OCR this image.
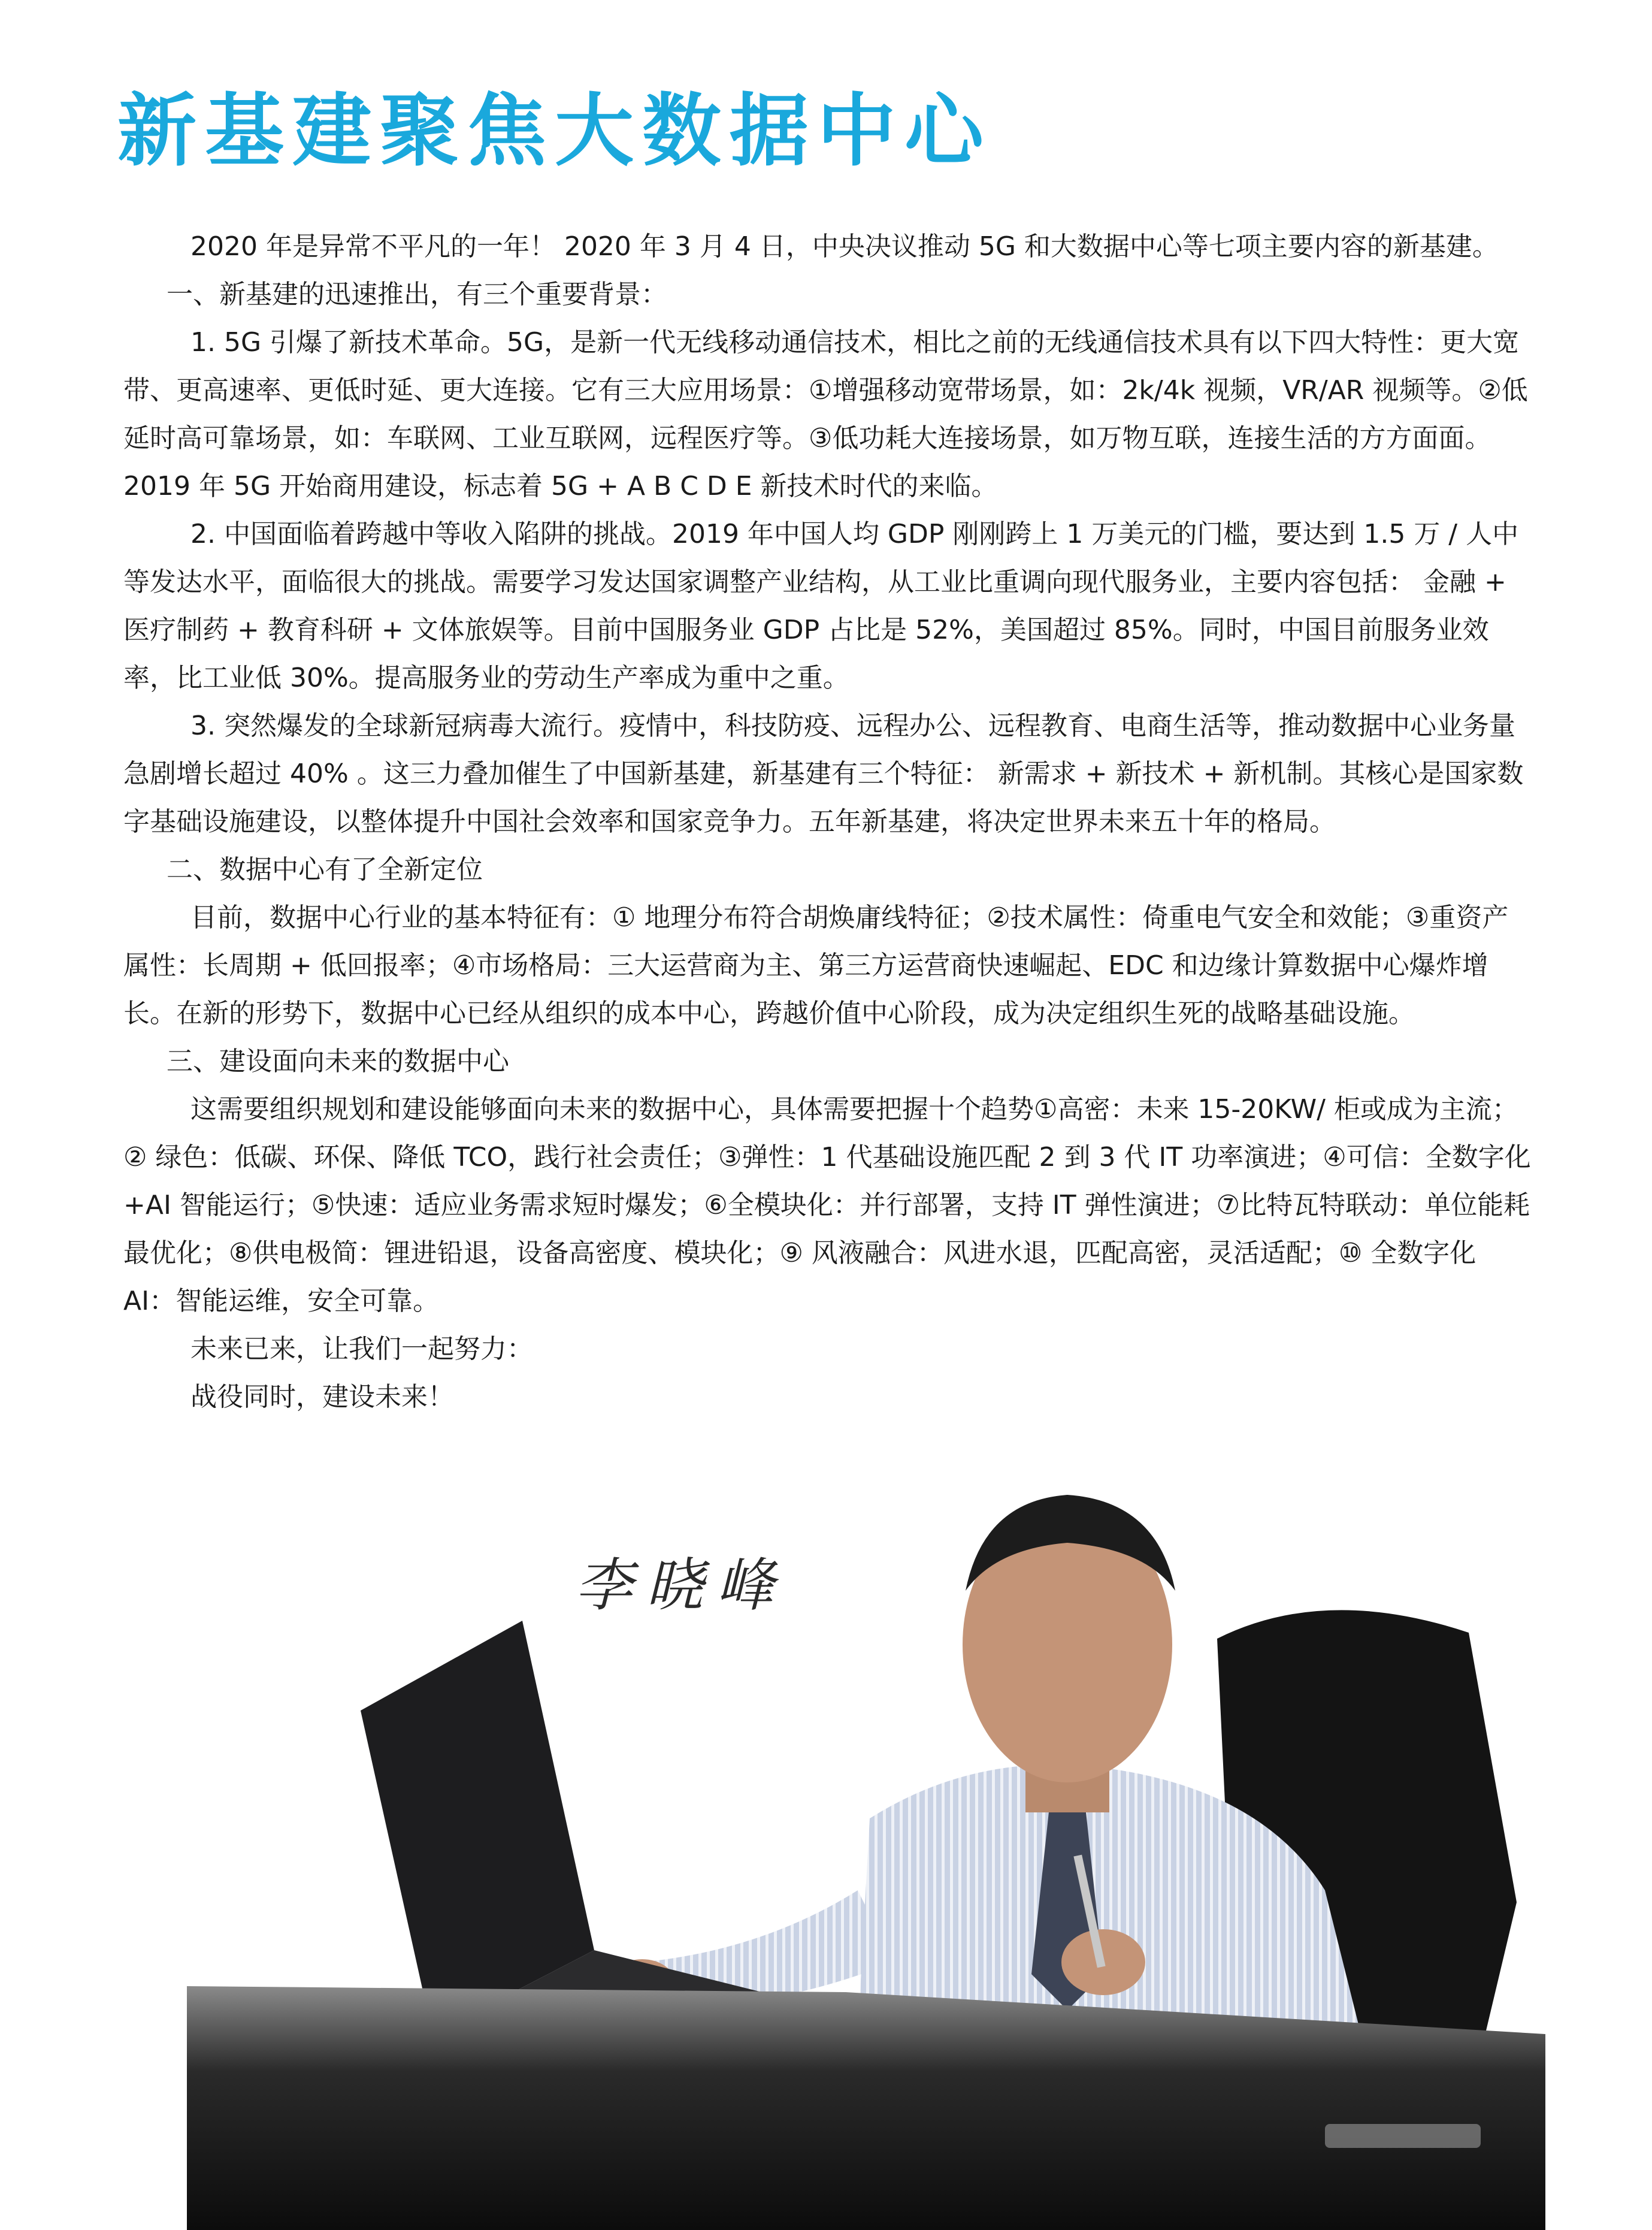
新基建聚焦大数据中心

2020 年是异常不平凡的一年！ 2020 年 3 月 4 日，中央决议推动 5G 和大数据中心等七项主要内容的新基建。

一、新基建的迅速推出，有三个重要背景：

1. 5G 引爆了新技术革命。5G，是新一代无线移动通信技术，相比之前的无线通信技术具有以下四大特性：更大宽带、更高速率、更低时延、更大连接。它有三大应用场景：①增强移动宽带场景，如：2k/4k 视频，VR/AR 视频等。②低延时高可靠场景，如：车联网、工业互联网，远程医疗等。③低功耗大连接场景，如万物互联，连接生活的方方面面。2019 年 5G 开始商用建设，标志着 5G + A B C D E 新技术时代的来临。

2. 中国面临着跨越中等收入陷阱的挑战。2019 年中国人均 GDP 刚刚跨上 1 万美元的门槛，要达到 1.5 万 / 人中等发达水平，面临很大的挑战。需要学习发达国家调整产业结构，从工业比重调向现代服务业，主要内容包括： 金融 + 医疗制药 + 教育科研 + 文体旅娱等。目前中国服务业 GDP 占比是 52%，美国超过 85%。同时，中国目前服务业效率，比工业低 30%。提高服务业的劳动生产率成为重中之重。

3. 突然爆发的全球新冠病毒大流行。疫情中，科技防疫、远程办公、远程教育、电商生活等，推动数据中心业务量急剧增长超过 40% 。这三力叠加催生了中国新基建，新基建有三个特征： 新需求 + 新技术 + 新机制。其核心是国家数字基础设施建设，以整体提升中国社会效率和国家竞争力。五年新基建，将决定世界未来五十年的格局。

二、数据中心有了全新定位

目前，数据中心行业的基本特征有：① 地理分布符合胡焕庸线特征；②技术属性：倚重电气安全和效能；③重资产属性：长周期 + 低回报率；④市场格局：三大运营商为主、第三方运营商快速崛起、EDC 和边缘计算数据中心爆炸增长。在新的形势下，数据中心已经从组织的成本中心，跨越价值中心阶段，成为决定组织生死的战略基础设施。

三、建设面向未来的数据中心

这需要组织规划和建设能够面向未来的数据中心，具体需要把握十个趋势①高密：未来 15-20KW/ 柜或成为主流；② 绿色：低碳、环保、降低 TCO，践行社会责任；③弹性：1 代基础设施匹配 2 到 3 代 IT 功率演进；④可信：全数字化 +AI 智能运行；⑤快速：适应业务需求短时爆发；⑥全模块化：并行部署，支持 IT 弹性演进；⑦比特瓦特联动：单位能耗最优化；⑧供电极简：锂进铅退，设备高密度、模块化；⑨ 风液融合：风进水退，匹配高密，灵活适配；⑩ 全数字化 AI：智能运维，安全可靠。

未来已来，让我们一起努力：

战役同时，建设未来！

李晓峰
